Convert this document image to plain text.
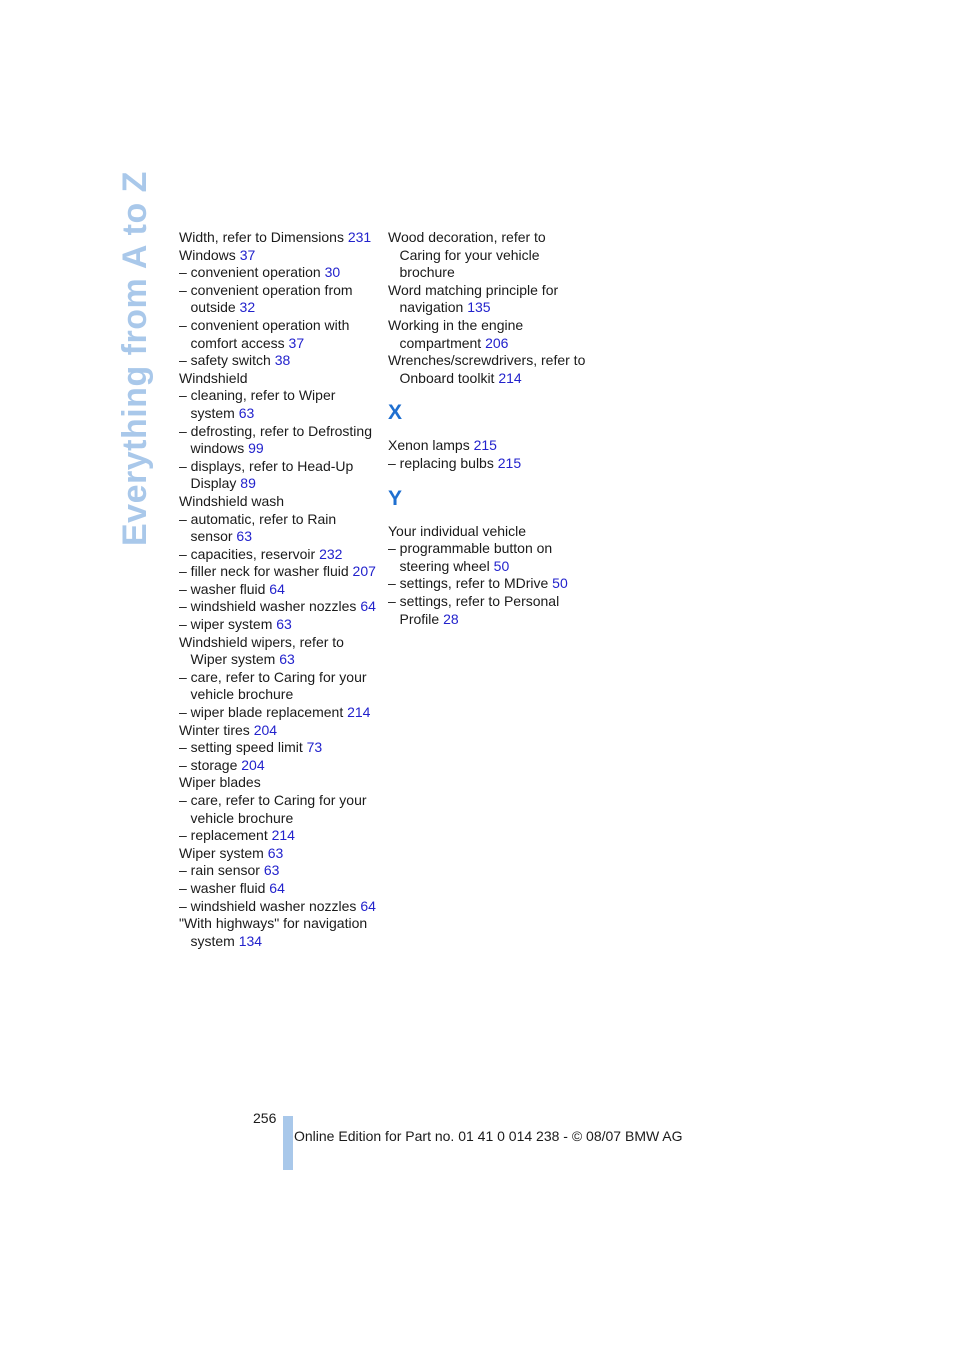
Everything from A to Z Width, refer to Dimensions 231
Windows 37
– convenient operation 30
– convenient operation from outside 32
– convenient operation with comfort access 37
– safety switch 38
Windshield
– cleaning, refer to Wiper system 63
– defrosting, refer to Defrosting windows 99
– displays, refer to Head-Up Display 89
Windshield wash
– automatic, refer to Rain sensor 63
– capacities, reservoir 232
– filler neck for washer fluid 207
– washer fluid 64
– windshield washer nozzles 64
– wiper system 63
Windshield wipers, refer to Wiper system 63
– care, refer to Caring for your vehicle brochure
– wiper blade replacement 214
Winter tires 204
– setting speed limit 73
– storage 204
Wiper blades
– care, refer to Caring for your vehicle brochure
– replacement 214
Wiper system 63
– rain sensor 63
– washer fluid 64
– windshield washer nozzles 64
"With highways" for navigation system 134
Wood decoration, refer to Caring for your vehicle brochure
Word matching principle for navigation 135
Working in the engine compartment 206
Wrenches/screwdrivers, refer to Onboard toolkit 214
X
Xenon lamps 215
– replacing bulbs 215
Y
Your individual vehicle
– programmable button on steering wheel 50
– settings, refer to MDrive 50
– settings, refer to Personal Profile 28
256
Online Edition for Part no. 01 41 0 014 238 - © 08/07 BMW AG
